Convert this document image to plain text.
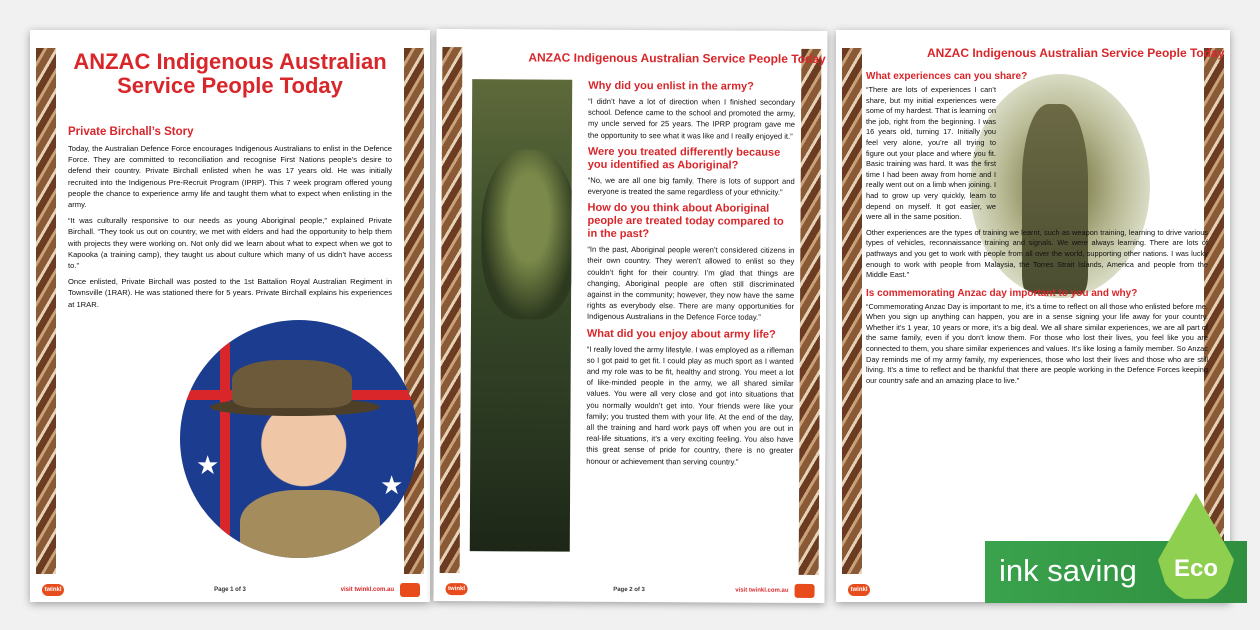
ANZAC Indigenous Australian Service People Today
Private Birchall’s Story

Today, the Australian Defence Force encourages Indigenous Australians to enlist in the Defence Force. They are committed to reconciliation and recognise First Nations people’s desire to defend their country. Private Birchall enlisted when he was 17 years old. He was initially recruited into the Indigenous Pre-Recruit Program (IPRP). This 7 week program offered young people the chance to experience army life and taught them what to expect when enlisting in the army.

“It was culturally responsive to our needs as young Aboriginal people,” explained Private Birchall. “They took us out on country, we met with elders and had the opportunity to help them with projects they were working on. Not only did we learn about what to expect when we got to Kapooka (a training camp), they taught us about culture which many of us didn’t have access to.”

Once enlisted, Private Birchall was posted to the 1st Battalion Royal Australian Regiment in Townsville (1RAR). He was stationed there for 5 years. Private Birchall explains his experiences at 1RAR.

★
★
twinkl	Page 1 of 3	visit twinkl.com.au
ANZAC Indigenous Australian Service People Today
Why did you enlist in the army?

“I didn’t have a lot of direction when I finished secondary school. Defence came to the school and promoted the army, my uncle served for 25 years. The IPRP program gave me the opportunity to see what it was like and I really enjoyed it.”

Were you treated differently because you identified as Aboriginal?

“No, we are all one big family. There is lots of support and everyone is treated the same regardless of your ethnicity.”

How do you think about Aboriginal people are treated today compared to in the past?

“In the past, Aboriginal people weren’t considered citizens in their own country. They weren’t allowed to enlist so they couldn’t fight for their country. I’m glad that things are changing, Aboriginal people are often still discriminated against in the community; however, they now have the same rights as everybody else. There are many opportunities for Indigenous Australians in the Defence Force today.”

What did you enjoy about army life?

“I really loved the army lifestyle. I was employed as a rifleman so I got paid to get fit. I could play as much sport as I wanted and my role was to be fit, healthy and strong. You meet a lot of like-minded people in the army, we all shared similar values. You were all very close and got into situations that you normally wouldn’t get into. Your friends were like your family; you trusted them with your life. At the end of the day, all the training and hard work pays off when you are out in real-life situations, it’s a very exciting feeling. You also have this great sense of pride for country, there is no greater honour or achievement than serving country.”

twinkl	Page 2 of 3	visit twinkl.com.au
ANZAC Indigenous Australian Service People Today
What experiences can you share?

“There are lots of experiences I can’t share, but my initial experiences were some of my hardest. That is learning on the job, right from the beginning. I was 16 years old, turning 17. Initially you feel very alone, you’re all trying to figure out your place and where you fit. Basic training was hard. It was the first time I had been away from home and I really went out on a limb when joining. I had to grow up very quickly, learn to depend on myself. It got easier, we were all in the same position.

Other experiences are the types of training we learnt, such as weapon training, learning to drive various types of vehicles, reconnaissance training and signals. We were always learning. There are lots of pathways and you get to work with people from all over the world, supporting other nations. I was lucky enough to work with people from Malaysia, the Torres Strait Islands, America and people from the Middle East.”

Is commemorating Anzac day important to you and why?

“Commemorating Anzac Day is important to me, it’s a time to reflect on all those who enlisted before me. When you sign up anything can happen, you are in a sense signing your life away for your country. Whether it’s 1 year, 10 years or more, it’s a big deal. We all share similar experiences, we are all part of the same family, even if you don’t know them. For those who lost their lives, you feel like you are connected to them, you share similar experiences and values. It’s like losing a family member. So Anzac Day reminds me of my army family, my experiences, those who lost their lives and those who are still living. It’s a time to reflect and be thankful that there are people working in the Defence Forces keeping our country safe and an amazing place to live.”

twinkl
ink saving	Eco
